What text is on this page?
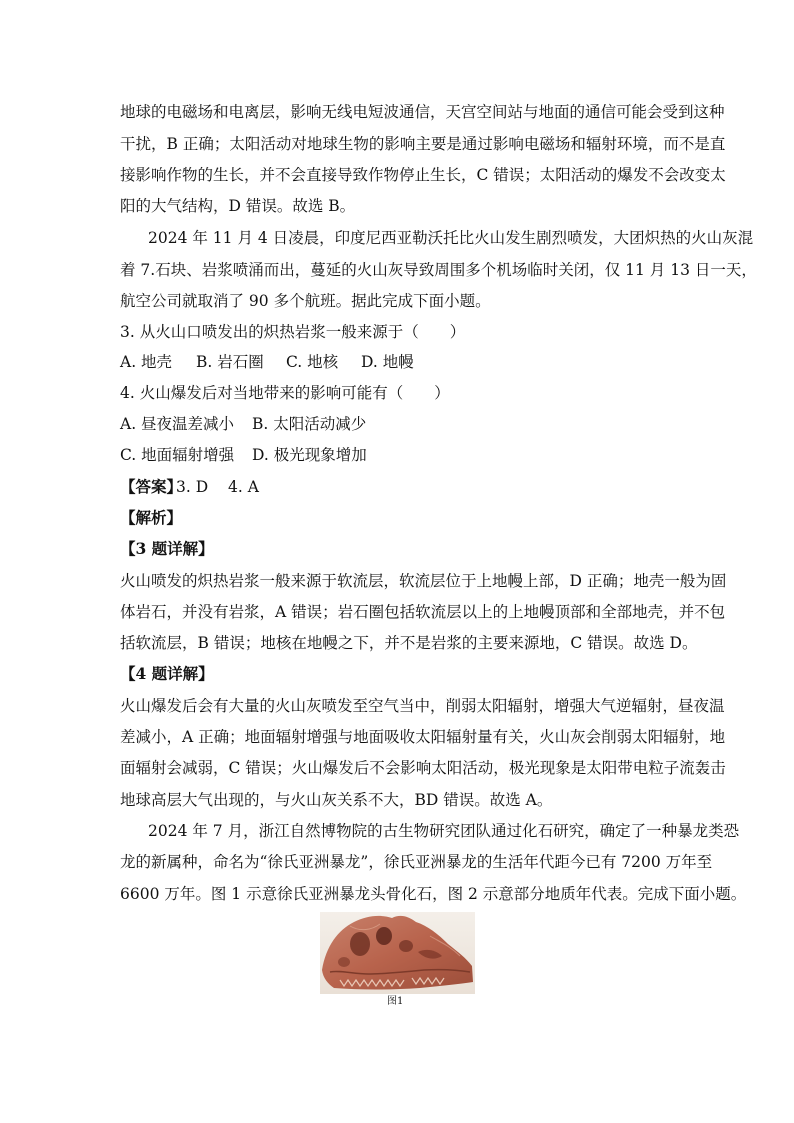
地球的电磁场和电离层，影响无线电短波通信，天宫空间站与地面的通信可能会受到这种
干扰，B 正确；太阳活动对地球生物的影响主要是通过影响电磁场和辐射环境，而不是直
接影响作物的生长，并不会直接导致作物停止生长，C 错误；太阳活动的爆发不会改变太
阳的大气结构，D 错误。故选 B。
2024 年 11 月 4 日凌晨，印度尼西亚勒沃托比火山发生剧烈喷发，大团炽热的火山灰混
着 7.石块、岩浆喷涌而出，蔓延的火山灰导致周围多个机场临时关闭，仅 11 月 13 日一天，
航空公司就取消了 90 多个航班。据此完成下面小题。
3. 从火山口喷发出的炽热岩浆一般来源于（　　）
A. 地壳 B. 岩石圈 C. 地核 D. 地幔
4. 火山爆发后对当地带来的影响可能有（　　）
A. 昼夜温差减小 B. 太阳活动减少
C. 地面辐射增强 D. 极光现象增加
【答案】
3. D 4. A
【解析】
【3 题详解】
火山喷发的炽热岩浆一般来源于软流层，软流层位于上地幔上部，D 正确；地壳一般为固
体岩石，并没有岩浆，A 错误；岩石圈包括软流层以上的上地幔顶部和全部地壳，并不包
括软流层，B 错误；地核在地幔之下，并不是岩浆的主要来源地，C 错误。故选 D。
【4 题详解】
火山爆发后会有大量的火山灰喷发至空气当中，削弱太阳辐射，增强大气逆辐射，昼夜温
差减小，A 正确；地面辐射增强与地面吸收太阳辐射量有关，火山灰会削弱太阳辐射，地
面辐射会减弱，C 错误；火山爆发后不会影响太阳活动，极光现象是太阳带电粒子流轰击
地球高层大气出现的，与火山灰关系不大，BD 错误。故选 A。
2024 年 7 月，浙江自然博物院的古生物研究团队通过化石研究，确定了一种暴龙类恐
龙的新属种，命名为“徐氏亚洲暴龙”，徐氏亚洲暴龙的生活年代距今已有 7200 万年至
6600 万年。图 1 示意徐氏亚洲暴龙头骨化石，图 2 示意部分地质年代表。完成下面小题。
图1
